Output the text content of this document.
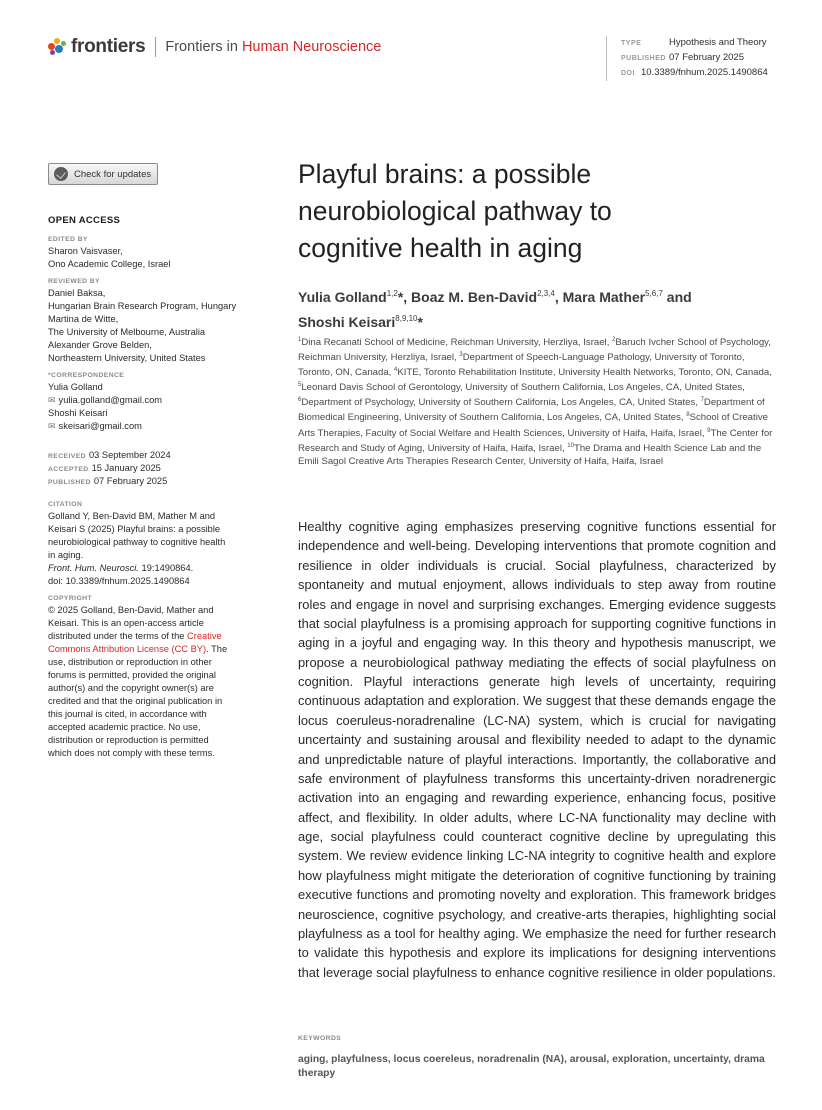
frontiers Frontiers in Human Neuroscience	TYPE	Hypothesis and Theory
PUBLISHED 07 February 2025
DOI 10.3389/fnhum.2025.1490864
Check for updates
OPEN ACCESS
EDITED BY
Sharon Vaisvaser,
Ono Academic College, Israel
REVIEWED BY
Daniel Baksa,
Hungarian Brain Research Program, Hungary
Martina de Witte,
The University of Melbourne, Australia
Alexander Grove Belden,
Northeastern University, United States
*CORRESPONDENCE
Yulia Golland
✉ yulia.golland@gmail.com
Shoshi Keisari
✉ skeisari@gmail.com
RECEIVED 03 September 2024
ACCEPTED 15 January 2025
PUBLISHED 07 February 2025
CITATION
Golland Y, Ben-David BM, Mather M and
Keisari S (2025) Playful brains: a possible
neurobiological pathway to cognitive health
in aging.
Front. Hum. Neurosci. 19:1490864.
doi: 10.3389/fnhum.2025.1490864
COPYRIGHT
© 2025 Golland, Ben-David, Mather and
Keisari. This is an open-access article
distributed under the terms of the Creative
Commons Attribution License (CC BY). The
use, distribution or reproduction in other
forums is permitted, provided the original
author(s) and the copyright owner(s) are
credited and that the original publication in
this journal is cited, in accordance with
accepted academic practice. No use,
distribution or reproduction is permitted
which does not comply with these terms.
Playful brains: a possible
neurobiological pathway to
cognitive health in aging
Yulia Golland$^{1,2}$*, Boaz M. Ben-David$^{2,3,4}$, Mara Mather$^{5,6,7}$ and
Shoshi Keisari$^{8,9,10}$*
$^1$Dina Recanati School of Medicine, Reichman University, Herzliya, Israel, $^2$Baruch Ivcher School of Psychology, Reichman University, Herzliya, Israel, $^3$Department of Speech-Language Pathology, University of Toronto, Toronto, ON, Canada, $^4$KITE, Toronto Rehabilitation Institute, University Health Networks, Toronto, ON, Canada, $^5$Leonard Davis School of Gerontology, University of Southern California, Los Angeles, CA, United States, $^6$Department of Psychology, University of Southern California, Los Angeles, CA, United States, $^7$Department of Biomedical Engineering, University of Southern California, Los Angeles, CA, United States, $^8$School of Creative Arts Therapies, Faculty of Social Welfare and Health Sciences, University of Haifa, Haifa, Israel, $^9$The Center for Research and Study of Aging, University of Haifa, Haifa, Israel, $^{10}$The Drama and Health Science Lab and the Emili Sagol Creative Arts Therapies Research Center, University of Haifa, Haifa, Israel
Healthy cognitive aging emphasizes preserving cognitive functions essential for independence and well-being. Developing interventions that promote cognition and resilience in older individuals is crucial. Social playfulness, characterized by spontaneity and mutual enjoyment, allows individuals to step away from routine roles and engage in novel and surprising exchanges. Emerging evidence suggests that social playfulness is a promising approach for supporting cognitive functions in aging in a joyful and engaging way. In this theory and hypothesis manuscript, we propose a neurobiological pathway mediating the effects of social playfulness on cognition. Playful interactions generate high levels of uncertainty, requiring continuous adaptation and exploration. We suggest that these demands engage the locus coeruleus-noradrenaline (LC-NA) system, which is crucial for navigating uncertainty and sustaining arousal and flexibility needed to adapt to the dynamic and unpredictable nature of playful interactions. Importantly, the collaborative and safe environment of playfulness transforms this uncertainty-driven noradrenergic activation into an engaging and rewarding experience, enhancing focus, positive affect, and flexibility. In older adults, where LC-NA functionality may decline with age, social playfulness could counteract cognitive decline by upregulating this system. We review evidence linking LC-NA integrity to cognitive health and explore how playfulness might mitigate the deterioration of cognitive functioning by training executive functions and promoting novelty and exploration. This framework bridges neuroscience, cognitive psychology, and creative-arts therapies, highlighting social playfulness as a tool for healthy aging. We emphasize the need for further research to validate this hypothesis and explore its implications for designing interventions that leverage social playfulness to enhance cognitive resilience in older populations.
KEYWORDS
aging, playfulness, locus coereleus, noradrenalin (NA), arousal, exploration, uncertainty, drama therapy
